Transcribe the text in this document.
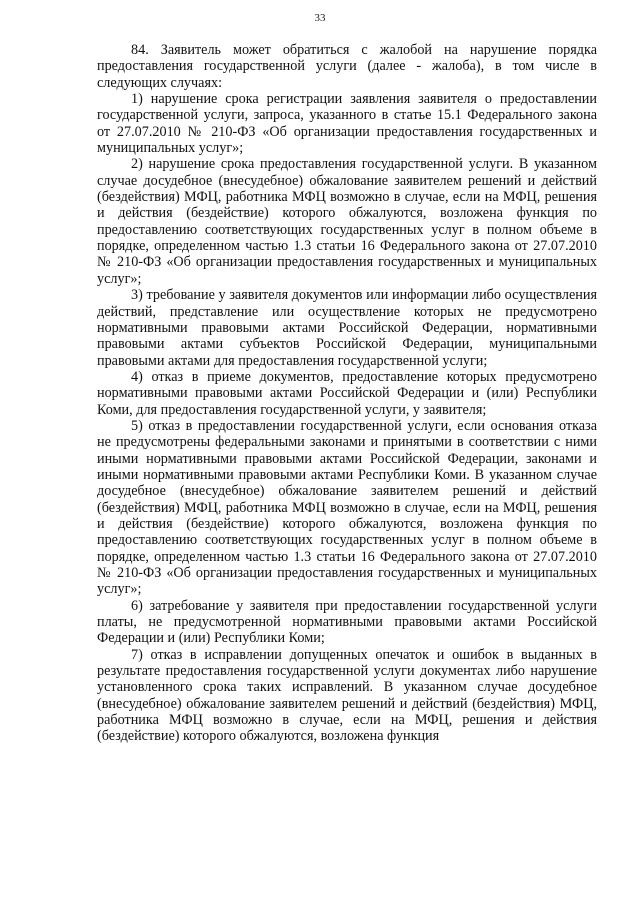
33

84. Заявитель может обратиться с жалобой на нарушение порядка предоставления государственной услуги (далее - жалоба), в том числе в следующих случаях:

1) нарушение срока регистрации заявления заявителя о предоставлении государственной услуги, запроса, указанного в статье 15.1 Федерального закона от 27.07.2010 № 210-ФЗ «Об организации предоставления государственных и муниципальных услуг»;

2) нарушение срока предоставления государственной услуги. В указанном случае досудебное (внесудебное) обжалование заявителем решений и действий (бездействия) МФЦ, работника МФЦ возможно в случае, если на МФЦ, решения и действия (бездействие) которого обжалуются, возложена функция по предоставлению соответствующих государственных услуг в полном объеме в порядке, определенном частью 1.3 статьи 16 Федерального закона от 27.07.2010 № 210-ФЗ «Об организации предоставления государственных и муниципальных услуг»;

3) требование у заявителя документов или информации либо осуществления действий, представление или осуществление которых не предусмотрено нормативными правовыми актами Российской Федерации, нормативными правовыми актами субъектов Российской Федерации, муниципальными правовыми актами для предоставления государственной услуги;

4) отказ в приеме документов, предоставление которых предусмотрено нормативными правовыми актами Российской Федерации и (или) Республики Коми, для предоставления государственной услуги, у заявителя;

5) отказ в предоставлении государственной услуги, если основания отказа не предусмотрены федеральными законами и принятыми в соответствии с ними иными нормативными правовыми актами Российской Федерации, законами и иными нормативными правовыми актами Республики Коми. В указанном случае досудебное (внесудебное) обжалование заявителем решений и действий (бездействия) МФЦ, работника МФЦ возможно в случае, если на МФЦ, решения и действия (бездействие) которого обжалуются, возложена функция по предоставлению соответствующих государственных услуг в полном объеме в порядке, определенном частью 1.3 статьи 16 Федерального закона от 27.07.2010 № 210-ФЗ «Об организации предоставления государственных и муниципальных услуг»;

6) затребование у заявителя при предоставлении государственной услуги платы, не предусмотренной нормативными правовыми актами Российской Федерации и (или) Республики Коми;

7) отказ в исправлении допущенных опечаток и ошибок в выданных в результате предоставления государственной услуги документах либо нарушение установленного срока таких исправлений. В указанном случае досудебное (внесудебное) обжалование заявителем решений и действий (бездействия) МФЦ, работника МФЦ возможно в случае, если на МФЦ, решения и действия (бездействие) которого обжалуются, возложена функция
